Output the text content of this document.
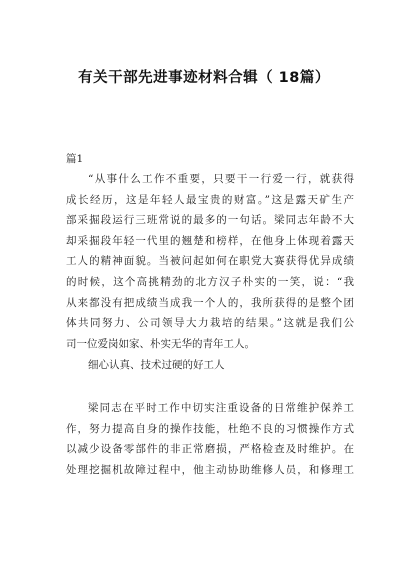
有关干部先进事迹材料合辑（ 18篇）
篇1
“从事什么工作不重要，只要干一行爱一行，就获得
成长经历，这是年轻人最宝贵的财富。”这是露天矿生产
部采掘段运行三班常说的最多的一句话。梁同志年龄不大
却采掘段年轻一代里的翘楚和榜样，在他身上体现着露天
工人的精神面貌。当被问起如何在职党大赛获得优异成绩
的时候，这个高挑精劲的北方汉子朴实的一笑，说：“我
从来都没有把成绩当成我一个人的，我所获得的是整个团
体共同努力、公司领导大力栽培的结果。”这就是我们公
司一位爱岗如家、朴实无华的青年工人。
细心认真、技术过硬的好工人
梁同志在平时工作中切实注重设备的日常维护保养工
作，努力提高自身的操作技能，杜绝不良的习惯操作方式
以减少设备零部件的非正常磨损，严格检查及时维护。在
处理挖掘机故障过程中，他主动协助维修人员，和修理工
